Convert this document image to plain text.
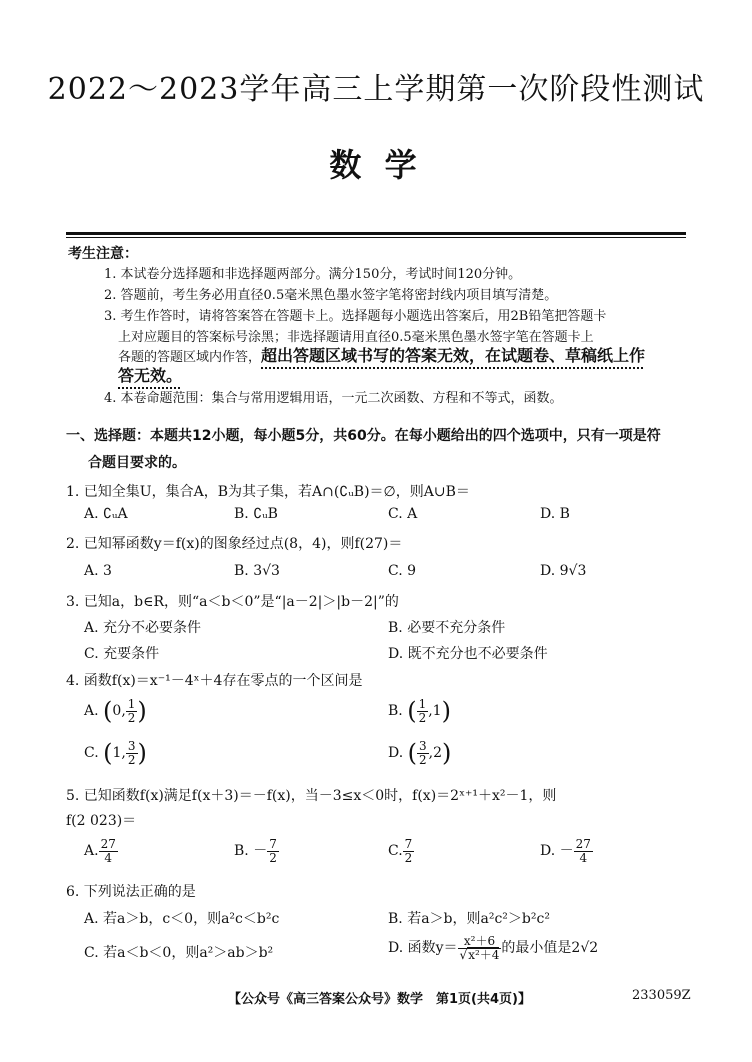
2022～2023学年高三上学期第一次阶段性测试
数 学
考生注意：
1. 本试卷分选择题和非选择题两部分。满分150分，考试时间120分钟。
2. 答题前，考生务必用直径0.5毫米黑色墨水签字笔将密封线内项目填写清楚。
3. 考生作答时，请将答案答在答题卡上。选择题每小题选出答案后，用2B铅笔把答题卡
上对应题目的答案标号涂黑；非选择题请用直径0.5毫米黑色墨水签字笔在答题卡上
各题的答题区域内作答，超出答题区域书写的答案无效，在试题卷、草稿纸上作
答无效。
4. 本卷命题范围：集合与常用逻辑用语，一元二次函数、方程和不等式，函数。
一、选择题：本题共12小题，每小题5分，共60分。在每小题给出的四个选项中，只有一项是符
合题目要求的。
1. 已知全集U，集合A，B为其子集，若A∩(∁ᵤB)＝∅，则A∪B＝
A. ∁ᵤA	B. ∁ᵤB	C. A	D. B
2. 已知幂函数y＝f(x)的图象经过点(8，4)，则f(27)＝
A. 3	B. 3√3	C. 9	D. 9√3
3. 已知a，b∈R，则“a＜b＜0”是“|a－2|＞|b－2|”的
A. 充分不必要条件	B. 必要不充分条件
C. 充要条件	D. 既不充分也不必要条件
4. 函数f(x)＝x⁻¹－4ˣ＋4存在零点的一个区间是
A. (0, $\frac{1}{2}$ )	B. ( $\frac{1}{2} ,1$)
C. (1, $\frac{3}{2}$ )	D. ( $\frac{3}{2} ,2$)
5. 已知函数f(x)满足f(x＋3)＝－f(x)，当－3≤x＜0时，f(x)＝2ˣ⁺¹＋x²－1，则
f(2 023)＝
A. $\frac{27}{4}$	B. － $\frac{7}{2}$	C. $\frac{7}{2}$	D. － $\frac{27}{4}$
6. 下列说法正确的是
A. 若a＞b，c＜0，则a²c＜b²c	B. 若a＞b，则a²c²＞b²c²
C. 若a＜b＜0，则a²＞ab＞b²	D. 函数$y= \frac{\text{x²＋6}}{\text{√x²＋4}}$ 的最小值是2√2
【公众号《高三答案公众号》数学　第1页(共4页)】	233059Z
